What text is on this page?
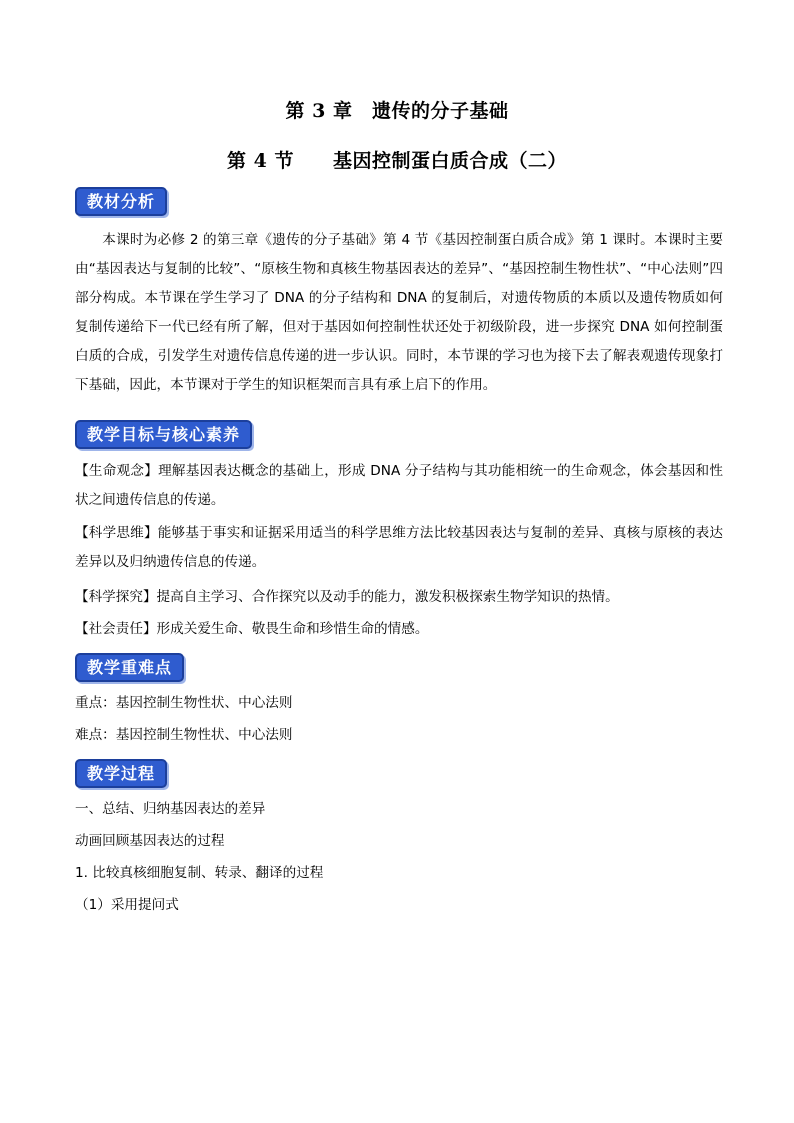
第 3 章　遗传的分子基础
第 4 节　　基因控制蛋白质合成（二）
教材分析
本课时为必修 2 的第三章《遗传的分子基础》第 4 节《基因控制蛋白质合成》第 1 课时。本课时主要由“基因表达与复制的比较”、“原核生物和真核生物基因表达的差异”、“基因控制生物性状”、“中心法则”四部分构成。本节课在学生学习了 DNA 的分子结构和 DNA 的复制后，对遗传物质的本质以及遗传物质如何复制传递给下一代已经有所了解，但对于基因如何控制性状还处于初级阶段，进一步探究 DNA 如何控制蛋白质的合成，引发学生对遗传信息传递的进一步认识。同时，本节课的学习也为接下去了解表观遗传现象打下基础，因此，本节课对于学生的知识框架而言具有承上启下的作用。
教学目标与核心素养
【生命观念】理解基因表达概念的基础上，形成 DNA 分子结构与其功能相统一的生命观念，体会基因和性状之间遗传信息的传递。
【科学思维】能够基于事实和证据采用适当的科学思维方法比较基因表达与复制的差异、真核与原核的表达差异以及归纳遗传信息的传递。
【科学探究】提高自主学习、合作探究以及动手的能力，激发积极探索生物学知识的热情。
【社会责任】形成关爱生命、敬畏生命和珍惜生命的情感。
教学重难点
重点：基因控制生物性状、中心法则
难点：基因控制生物性状、中心法则
教学过程
一、总结、归纳基因表达的差异
动画回顾基因表达的过程
1. 比较真核细胞复制、转录、翻译的过程
（1）采用提问式
